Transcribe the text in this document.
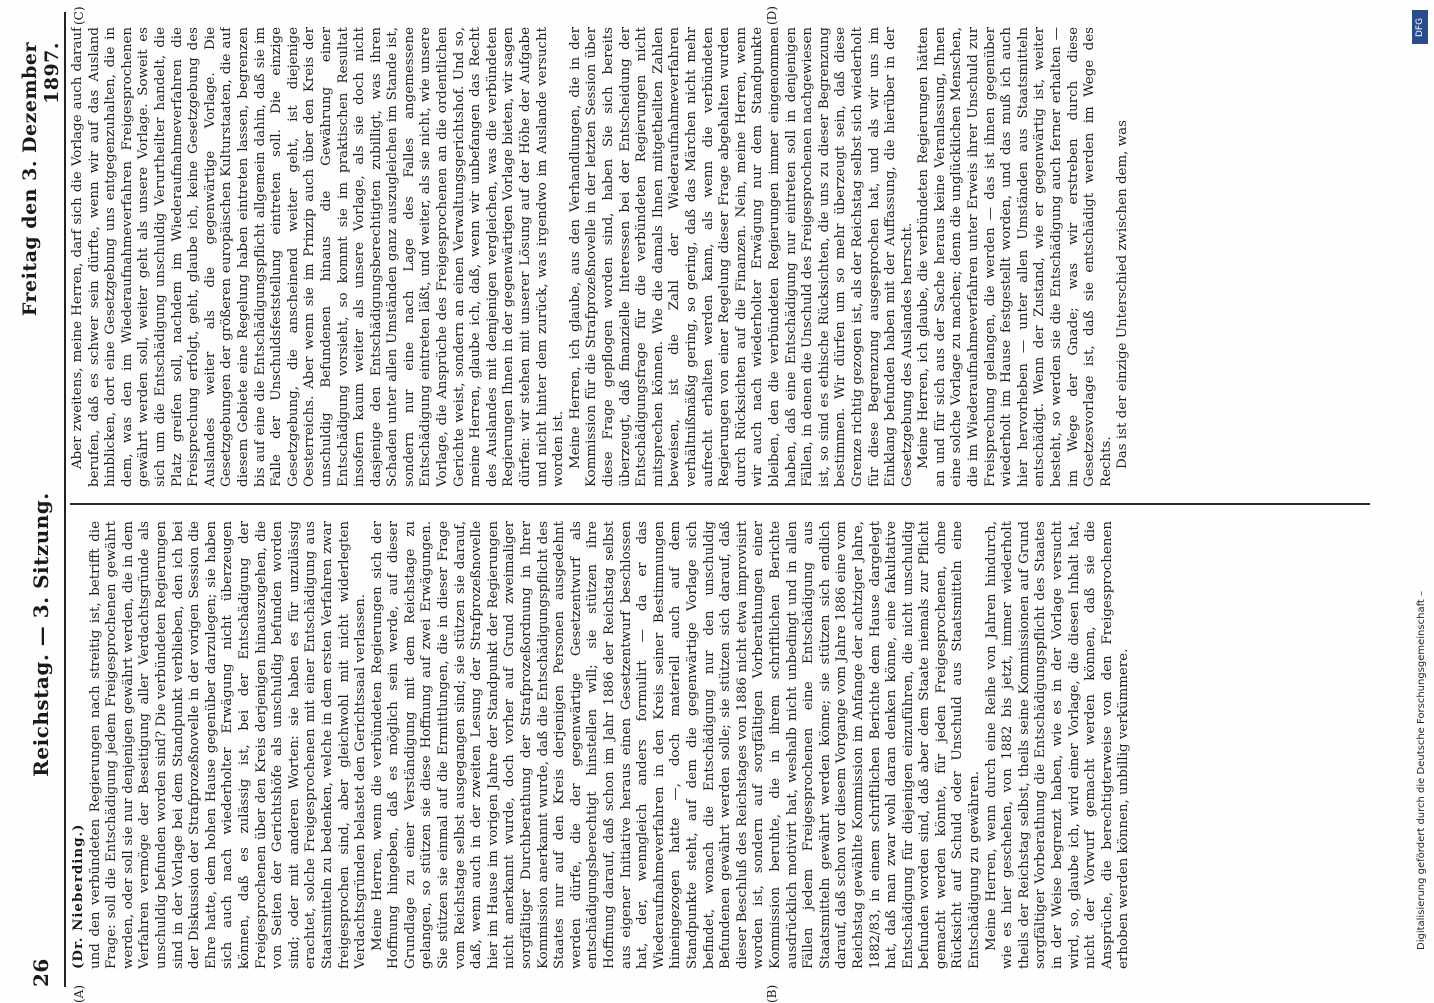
26
Reichstag. — 3. Sitzung.
Freitag den 3. Dezember 1897.

(Dr. Nieberding.) und den verbündeten Regierungen nach streitig ist, betrifft die Frage: soll die Entschädigung jedem Freigesprochenen gewährt werden, oder soll sie nur denjenigen gewährt werden, die in dem Verfahren vermöge der Beseitigung aller Verdachtsgründe als unschuldig befunden worden sind? Die verbündeten Regierungen sind in der Vorlage bei dem Standpunkt verblieben, den ich bei der Diskussion der Strafprozeßnovelle in der vorigen Session die Ehre hatte, dem hohen Hause gegenüber darzulegen; sie haben sich auch nach wiederholter Erwägung nicht überzeugen können, daß es zulässig ist, bei der Entschädigung der Freigesprochenen über den Kreis derjenigen hinauszugehen, die von Seiten der Gerichtshöfe als unschuldig befunden worden sind; oder mit anderen Worten: sie haben es für unzulässig erachtet, solche Freigesprochenen mit einer Entschädigung aus Staatsmitteln zu bedenken, welche in dem ersten Verfahren zwar freigesprochen sind, aber gleichwohl mit nicht widerlegten Verdachtsgründen belastet den Gerichtssaal verlassen. Meine Herren, wenn die verbündeten Regierungen sich der Hoffnung hingeben, daß es möglich sein werde, auf dieser Grundlage zu einer Verständigung mit dem Reichstage zu gelangen, so stützen sie diese Hoffnung auf zwei Erwägungen. Sie stützen sie einmal auf die Ermittlungen, die in dieser Frage vom Reichstage selbst ausgegangen sind; sie stützen sie darauf, daß, wenn auch in der zweiten Lesung der Strafprozeßnovelle hier im Hause im vorigen Jahre der Standpunkt der Regierungen nicht anerkannt wurde, doch vorher auf Grund zweimaliger sorgfältiger Durchberathung der Strafprozeßordnung in Ihrer Kommission anerkannt wurde, daß die Entschädigungspflicht des Staates nur auf den Kreis derjenigen Personen ausgedehnt werden dürfe, die der gegenwärtige Gesetzentwurf als entschädigungsberechtigt hinstellen will; sie stützen ihre Hoffnung darauf, daß schon im Jahr 1886 der Reichstag selbst aus eigener Initiative heraus einen Gesetzentwurf beschlossen hat, der, wenngleich anders formulirt — da er das Wiederaufnahmeverfahren in den Kreis seiner Bestimmungen hineingezogen hatte —, doch materiell auch auf dem Standpunkte steht, auf dem die gegenwärtige Vorlage sich befindet, wonach die Entschädigung nur den unschuldig Befundenen gewährt werden solle; sie stützen sich darauf, daß dieser Beschluß des Reichstages von 1886 nicht etwa improvisirt worden ist, sondern auf sorgfältigen Vorberathungen einer Kommission beruhte, die in ihrem schriftlichen Berichte ausdrücklich motivirt hat, weshalb nicht unbedingt und in allen Fällen jedem Freigesprochenen eine Entschädigung aus Staatsmitteln gewährt werden könne; sie stützen sich endlich darauf, daß schon vor diesem Vorgange vom Jahre 1886 eine vom Reichstag gewählte Kommission im Anfange der achtziger Jahre, 1882/83, in einem schriftlichen Berichte dem Hause dargelegt hat, daß man zwar wohl daran denken könne, eine fakultative Entschädigung für diejenigen einzuführen, die nicht unschuldig befunden worden sind, daß aber dem Staate niemals zur Pflicht gemacht werden könnte, für jeden Freigesprochenen, ohne Rücksicht auf Schuld oder Unschuld aus Staatsmitteln eine Entschädigung zu gewähren. Meine Herren, wenn durch eine Reihe von Jahren hindurch, wie es hier geschehen, von 1882 bis jetzt, immer wiederholt theils der Reichstag selbst, theils seine Kommissionen auf Grund sorgfältiger Vorberathung die Entschädigungspflicht des Staates in der Weise begrenzt haben, wie es in der Vorlage versucht wird, so, glaube ich, wird einer Vorlage, die diesen Inhalt hat, nicht der Vorwurf gemacht werden können, daß sie die Ansprüche, die berechtigterweise von den Freigesprochenen erhoben werden können, unbillig verkümmere.

Aber zweitens, meine Herren, darf sich die Vorlage auch darauf berufen, daß es schwer sein dürfte, wenn wir auf das Ausland hinblicken, dort eine Gesetzgebung uns entgegenzuhalten, die in dem, was den im Wiederaufnahmeverfahren Freigesprochenen gewährt werden soll, weiter geht als unsere Vorlage. Soweit es sich um die Entschädigung unschuldig Verurtheilter handelt, die Platz greifen soll, nachdem im Wiederaufnahmeverfahren die Freisprechung erfolgt, geht, glaube ich, keine Gesetzgebung des Auslandes weiter als die gegenwärtige Vorlage. Die Gesetzgebungen der größeren europäischen Kulturstaaten, die auf diesem Gebiete eine Regelung haben eintreten lassen, begrenzen bis auf eine die Entschädigungspflicht allgemein dahin, daß sie im Falle der Unschuldsfeststellung eintreten soll. Die einzige Gesetzgebung, die anscheinend weiter geht, ist diejenige Oesterreichs. Aber wenn sie im Prinzip auch über den Kreis der unschuldig Befundenen hinaus die Gewährung einer Entschädigung vorsieht, so kommt sie im praktischen Resultat insofern kaum weiter als unsere Vorlage, als sie doch nicht dasjenige den Entschädigungsberechtigten zubilligt, was ihren Schaden unter allen Umständen ganz auszugleichen im Stande ist, sondern nur eine nach Lage des Falles angemessene Entschädigung eintreten läßt, und weiter, als sie nicht, wie unsere Vorlage, die Ansprüche des Freigesprochenen an die ordentlichen Gerichte weist, sondern an einen Verwaltungsgerichtshof. Und so, meine Herren, glaube ich, daß, wenn wir unbefangen das Recht des Auslandes mit demjenigen vergleichen, was die verbündeten Regierungen Ihnen in der gegenwärtigen Vorlage bieten, wir sagen dürfen: wir stehen mit unserer Lösung auf der Höhe der Aufgabe und nicht hinter dem zurück, was irgendwo im Auslande versucht worden ist. Meine Herren, ich glaube, aus den Verhandlungen, die in der Kommission für die Strafprozeßnovelle in der letzten Session über diese Frage gepflogen worden sind, haben Sie sich bereits überzeugt, daß finanzielle Interessen bei der Entscheidung der Entschädigungsfrage für die verbündeten Regierungen nicht mitsprechen können. Wie die damals Ihnen mitgetheilten Zahlen beweisen, ist die Zahl der Wiederaufnahmeverfahren verhältnißmäßig gering, so gering, daß das Märchen nicht mehr aufrecht erhalten werden kann, als wenn die verbündeten Regierungen von einer Regelung dieser Frage abgehalten wurden durch Rücksichten auf die Finanzen. Nein, meine Herren, wenn wir auch nach wiederholter Erwägung nur dem Standpunkte bleiben, den die verbündeten Regierungen immer eingenommen haben, daß eine Entschädigung nur eintreten soll in denjenigen Fällen, in denen die Unschuld des Freigesprochenen nachgewiesen ist, so sind es ethische Rücksichten, die uns zu dieser Begrenzung bestimmen. Wir dürfen um so mehr überzeugt sein, daß diese Grenze richtig gezogen ist, als der Reichstag selbst sich wiederholt für diese Begrenzung ausgesprochen hat, und als wir uns im Einklang befunden haben mit der Auffassung, die hierüber in der Gesetzgebung des Auslandes herrscht. Meine Herren, ich glaube, die verbündeten Regierungen hätten an und für sich aus der Sache heraus keine Veranlassung, Ihnen eine solche Vorlage zu machen; denn die unglücklichen Menschen, die im Wiederaufnahmeverfahren unter Erweis ihrer Unschuld zur Freisprechung gelangen, die werden — das ist ihnen gegenüber wiederholt im Hause festgestellt worden, und das muß ich auch hier hervorheben — unter allen Umständen aus Staatsmitteln entschädigt. Wenn der Zustand, wie er gegenwärtig ist, weiter besteht, so werden sie die Entschädigung auch ferner erhalten — im Wege der Gnade; was wir erstreben durch diese Gesetzesvorlage ist, daß sie entschädigt werden im Wege des Rechts. Das ist der einzige Unterschied zwischen dem, was

(A)	(B)
(C)	(D)
DFG
Digitalisierung gefördert durch die Deutsche Forschungsgemeinschaft –
